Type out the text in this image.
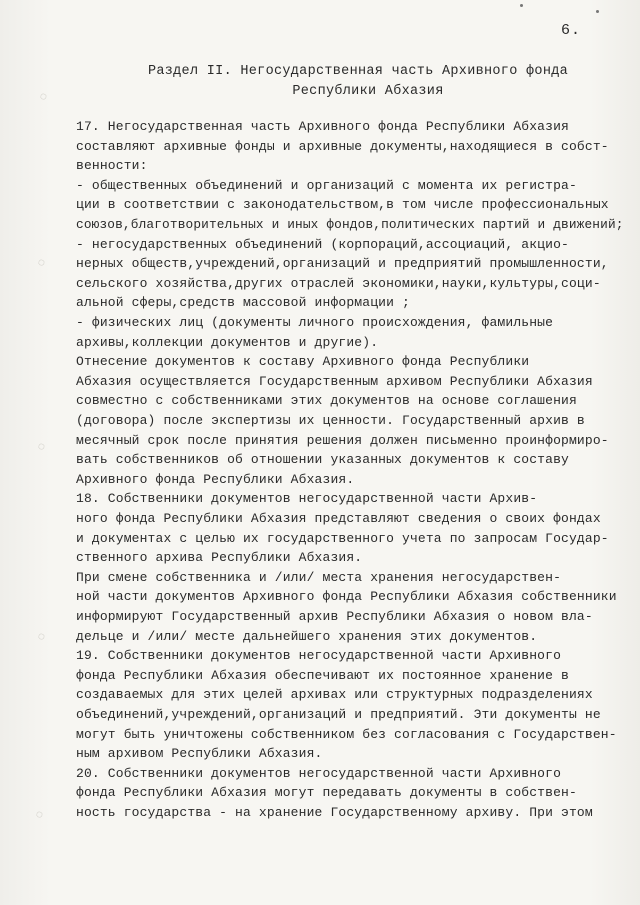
6.
Раздел II. Негосударственная часть Архивного фонда
Республики Абхазия
17. Негосударственная часть Архивного фонда Республики Абхазия
составляют архивные фонды и архивные документы,находящиеся в собст-
венности:
- общественных объединений и организаций с момента их регистра-
ции в соответствии с законодательством,в том числе профессиональных
союзов,благотворительных и иных фондов,политических партий и движений;
- негосударственных объединений (корпораций,ассоциаций, акцио-
нерных обществ,учреждений,организаций и предприятий промышленности,
сельского хозяйства,других отраслей экономики,науки,культуры,соци-
альной сферы,средств массовой информации ;
- физических лиц (документы личного происхождения, фамильные
архивы,коллекции документов и другие).
Отнесение документов к составу Архивного фонда Республики
Абхазия осуществляется Государственным архивом Республики Абхазия
совместно с собственниками этих документов на основе соглашения
(договора) после экспертизы их ценности. Государственный архив в
месячный срок после принятия решения должен письменно проинформиро-
вать собственников об отношении указанных документов к составу
Архивного фонда Республики Абхазия.
18. Собственники документов негосударственной части Архив-
ного фонда Республики Абхазия представляют сведения о своих фондах
и документах с целью их государственного учета по запросам Государ-
ственного архива Республики Абхазия.
При смене собственника и /или/ места хранения негосударствен-
ной части документов Архивного фонда Республики Абхазия собственники
информируют Государственный архив Республики Абхазия о новом вла-
дельце и /или/ месте дальнейшего хранения этих документов.
19. Собственники документов негосударственной части Архивного
фонда Республики Абхазия обеспечивают их постоянное хранение в
создаваемых для этих целей архивах или структурных подразделениях
объединений,учреждений,организаций и предприятий. Эти документы не
могут быть уничтожены собственником без согласования с Государствен-
ным архивом Республики Абхазия.
20. Собственники документов негосударственной части Архивного
фонда Республики Абхазия могут передавать документы в собствен-
ность государства - на хранение Государственному архиву. При этом
◌
◌
◌
◌
◌
